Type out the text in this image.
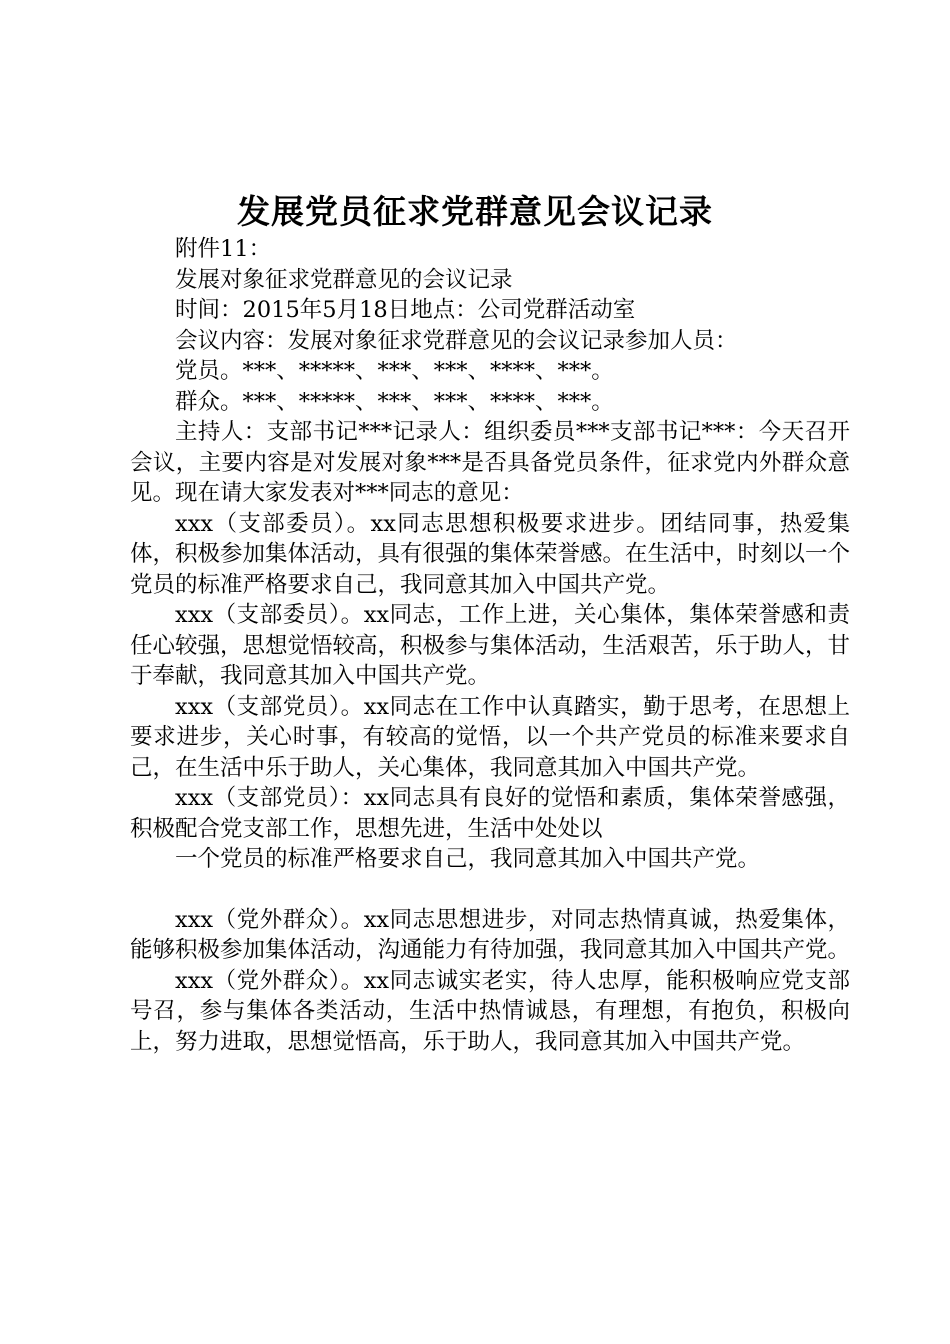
发展党员征求党群意见会议记录

附件11：

发展对象征求党群意见的会议记录

时间：2015年5月18日地点：公司党群活动室

会议内容：发展对象征求党群意见的会议记录参加人员：

党员。***、*****、***、***、****、***。

群众。***、*****、***、***、****、***。

主持人：支部书记***记录人：组织委员***支部书记***：今天召开会议，主要内容是对发展对象***是否具备党员条件，征求党内外群众意见。现在请大家发表对***同志的意见：

xxx（支部委员）。xx同志思想积极要求进步。团结同事，热爱集体，积极参加集体活动，具有很强的集体荣誉感。在生活中，时刻以一个党员的标准严格要求自己，我同意其加入中国共产党。

xxx（支部委员）。xx同志，工作上进，关心集体，集体荣誉感和责任心较强，思想觉悟较高，积极参与集体活动，生活艰苦，乐于助人，甘于奉献，我同意其加入中国共产党。

xxx（支部党员）。xx同志在工作中认真踏实，勤于思考，在思想上要求进步，关心时事，有较高的觉悟，以一个共产党员的标准来要求自己，在生活中乐于助人，关心集体，我同意其加入中国共产党。

xxx（支部党员）：xx同志具有良好的觉悟和素质，集体荣誉感强，积极配合党支部工作，思想先进，生活中处处以

一个党员的标准严格要求自己，我同意其加入中国共产党。

xxx（党外群众）。xx同志思想进步，对同志热情真诚，热爱集体，能够积极参加集体活动，沟通能力有待加强，我同意其加入中国共产党。

xxx（党外群众）。xx同志诚实老实，待人忠厚，能积极响应党支部号召，参与集体各类活动，生活中热情诚恳，有理想，有抱负，积极向上，努力进取，思想觉悟高，乐于助人，我同意其加入中国共产党。
